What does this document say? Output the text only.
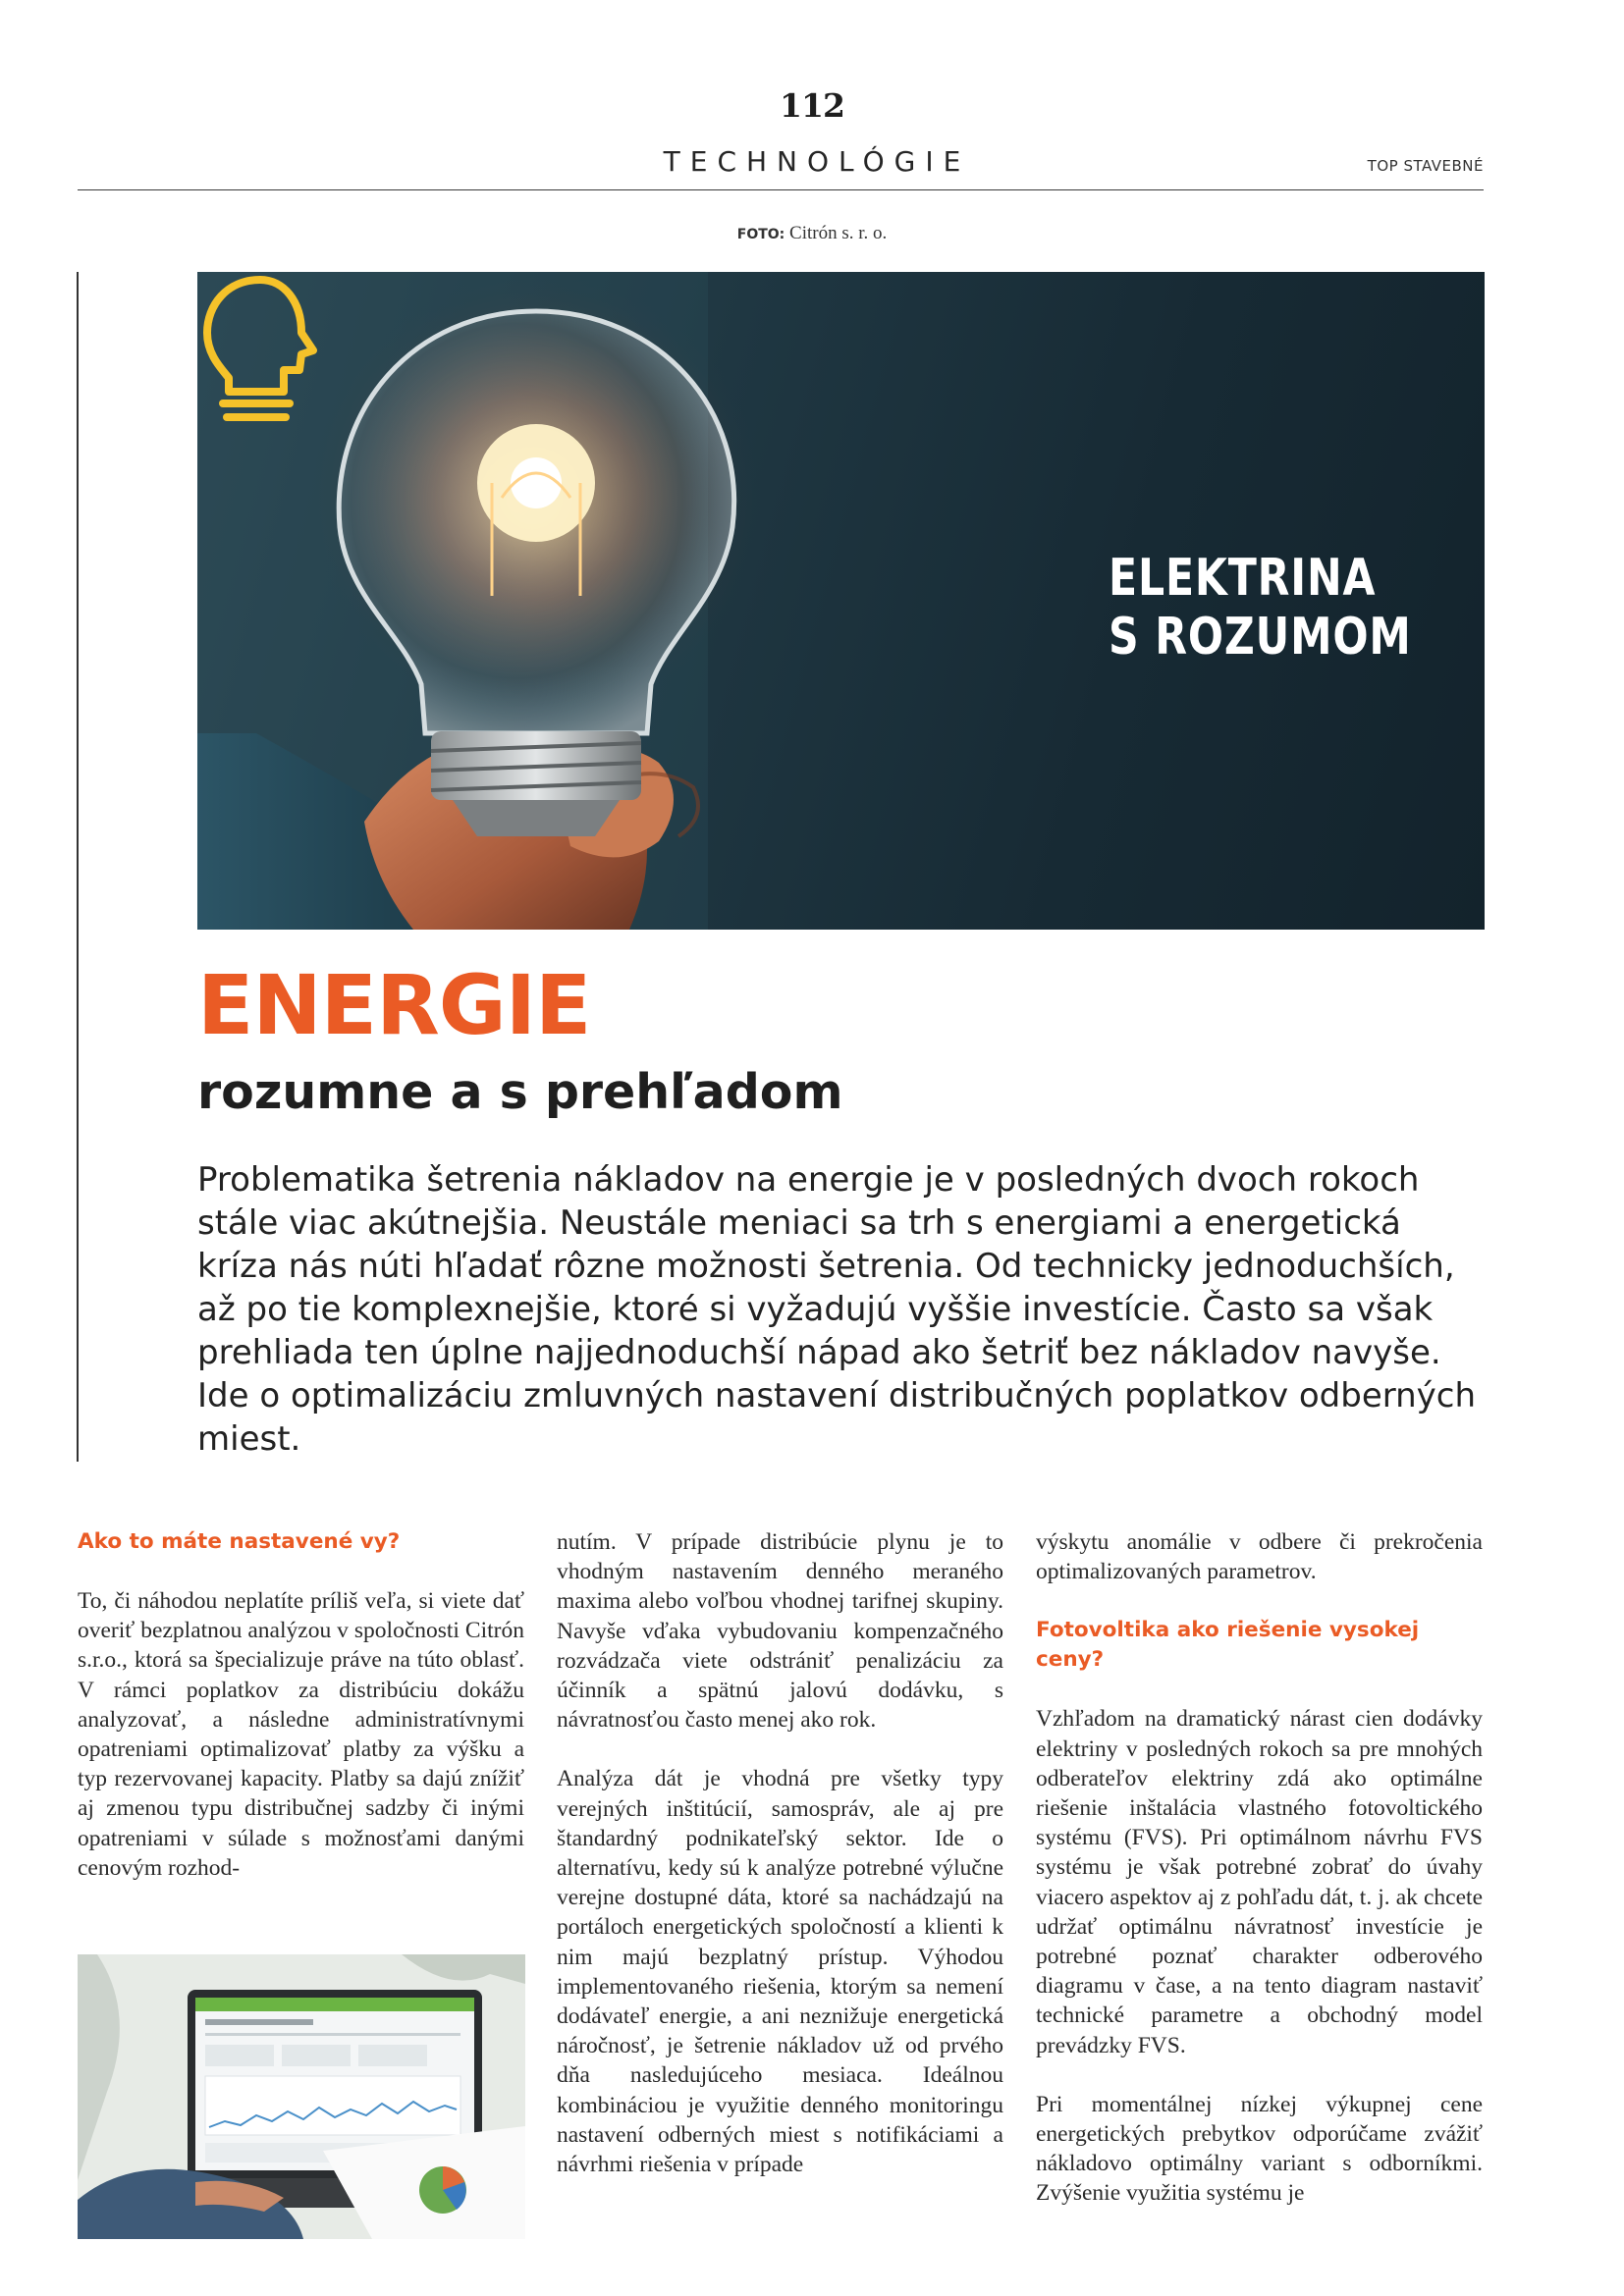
112
TECHNOLÓGIE	TOP STAVEBNÉ
FOTO: Citrón s. r. o.
ELEKTRINA
S ROZUMOM
ENERGIE
rozumne a s prehľadom

Problematika šetrenia nákladov na energie je v posledných dvoch rokoch stále viac akútnejšia. Neustále meniaci sa trh s energiami a energetická kríza nás núti hľadať rôzne možnosti šetrenia. Od technicky jednoduchších, až po tie komplexnejšie, ktoré si vyžadujú vyššie investície. Často sa však prehliada ten úplne najjednoduchší nápad ako šetriť bez nákladov navyše. Ide o optimalizáciu zmluvných nastavení distribučných poplatkov odberných miest.

Ako to máte nastavené vy?

To, či náhodou neplatíte príliš veľa, si viete dať overiť bezplatnou analýzou v spoločnosti Citrón s.r.o., ktorá sa špecializuje práve na túto oblasť. V rámci poplatkov za distribúciu dokážu analyzovať, a následne administratívnymi opatreniami optimalizovať platby za výšku a typ rezervovanej kapacity. Platby sa dajú znížiť aj zmenou typu distribučnej sadzby či inými opatreniami v súlade s možnosťami danými cenovým rozhod-

nutím. V prípade distribúcie plynu je to vhodným nastavením denného meraného maxima alebo voľbou vhodnej tarifnej skupiny. Navyše vďaka vybudovaniu kompenzačného rozvádzača viete odstrániť penalizáciu za účinník a spätnú jalovú dodávku, s návratnosťou často menej ako rok.

Analýza dát je vhodná pre všetky typy verejných inštitúcií, samospráv, ale aj pre štandardný podnikateľský sektor. Ide o alternatívu, kedy sú k analýze potrebné výlučne verejne dostupné dáta, ktoré sa nachádzajú na portáloch energetických spoločností a klienti k nim majú bezplatný prístup. Výhodou implementovaného riešenia, ktorým sa nemení dodávateľ energie, a ani neznižuje energetická náročnosť, je šetrenie nákladov už od prvého dňa nasledujúceho mesiaca. Ideálnou kombináciou je využitie denného monitoringu nastavení odberných miest s notifikáciami a návrhmi riešenia v prípade

výskytu anomálie v odbere či prekročenia optimalizovaných parametrov.

Fotovoltika ako riešenie vysokej ceny?

Vzhľadom na dramatický nárast cien dodávky elektriny v posledných rokoch sa pre mnohých odberateľov elektriny zdá ako optimálne riešenie inštalácia vlastného fotovoltického systému (FVS). Pri optimálnom návrhu FVS systému je však potrebné zobrať do úvahy viacero aspektov aj z pohľadu dát, t. j. ak chcete udržať optimálnu návratnosť investície je potrebné poznať charakter odberového diagramu v čase, a na tento diagram nastaviť technické parametre a obchodný model prevádzky FVS.

Pri momentálnej nízkej výkupnej cene energetických prebytkov odporúčame zvážiť nákladovo optimálny variant s odborníkmi. Zvýšenie využitia systému je
